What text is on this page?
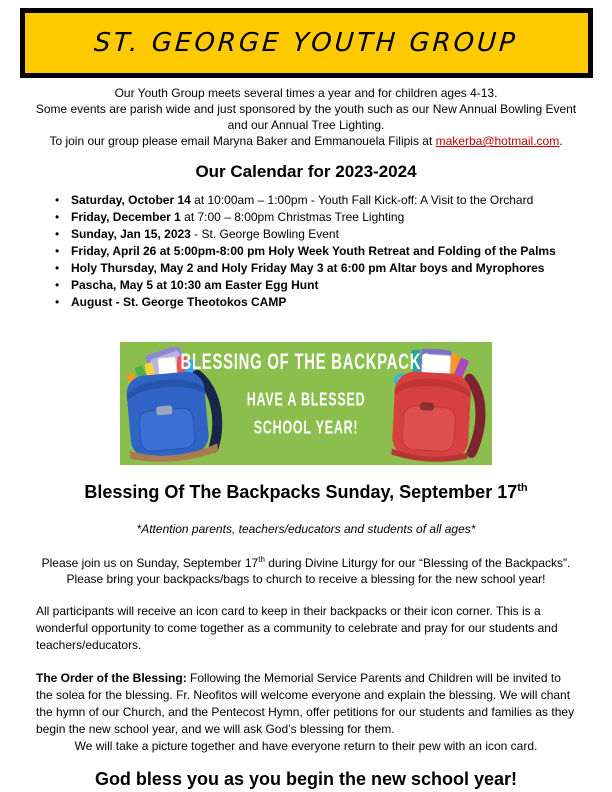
ST. GEORGE YOUTH GROUP
Our Youth Group meets several times a year and for children ages 4-13.
Some events are parish wide and just sponsored by the youth such as our New Annual Bowling Event
and our Annual Tree Lighting.
To join our group please email Maryna Baker and Emmanouela Filipis at makerba@hotmail.com.
Our Calendar for 2023-2024
• Saturday, October 14 at 10:00am – 1:00pm - Youth Fall Kick-off: A Visit to the Orchard
• Friday, December 1 at 7:00 – 8:00pm Christmas Tree Lighting
• Sunday, Jan 15, 2023 - St. George Bowling Event
• Friday, April 26 at 5:00pm-8:00 pm Holy Week Youth Retreat and Folding of the Palms
• Holy Thursday, May 2 and Holy Friday May 3 at 6:00 pm Altar boys and Myrophores
• Pascha, May 5 at 10:30 am Easter Egg Hunt
• August - St. George Theotokos CAMP
BLESSING OF THE BACKPACKS
HAVE A BLESSED
SCHOOL YEAR!
Blessing Of The Backpacks Sunday, September 17th
*Attention parents, teachers/educators and students of all ages*
Please join us on Sunday, September 17th during Divine Liturgy for our “Blessing of the Backpacks”.
Please bring your backpacks/bags to church to receive a blessing for the new school year!
All participants will receive an icon card to keep in their backpacks or their icon corner. This is a wonderful opportunity to come together as a community to celebrate and pray for our students and teachers/educators.
The Order of the Blessing: Following the Memorial Service Parents and Children will be invited to the solea for the blessing. Fr. Neofitos will welcome everyone and explain the blessing. We will chant the hymn of our Church, and the Pentecost Hymn, offer petitions for our students and families as they begin the new school year, and we will ask God’s blessing for them.
We will take a picture together and have everyone return to their pew with an icon card.
God bless you as you begin the new school year!
